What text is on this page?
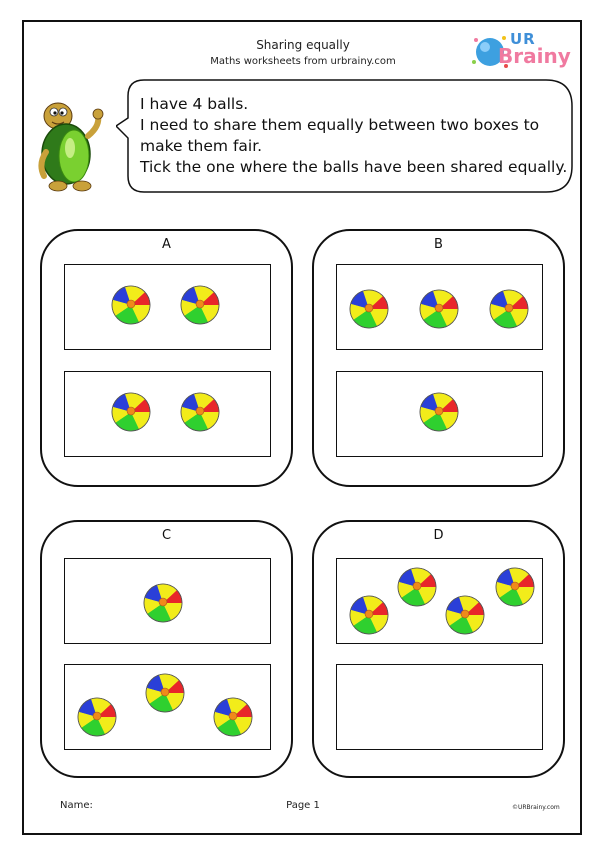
Sharing equally
Maths worksheets from urbrainy.com
UR
Brainy
I have 4 balls.
I need to share them equally between two boxes to
make them fair.
Tick the one where the balls have been shared equally.
A	B
C	D
Name:	Page 1	©URBrainy.com
